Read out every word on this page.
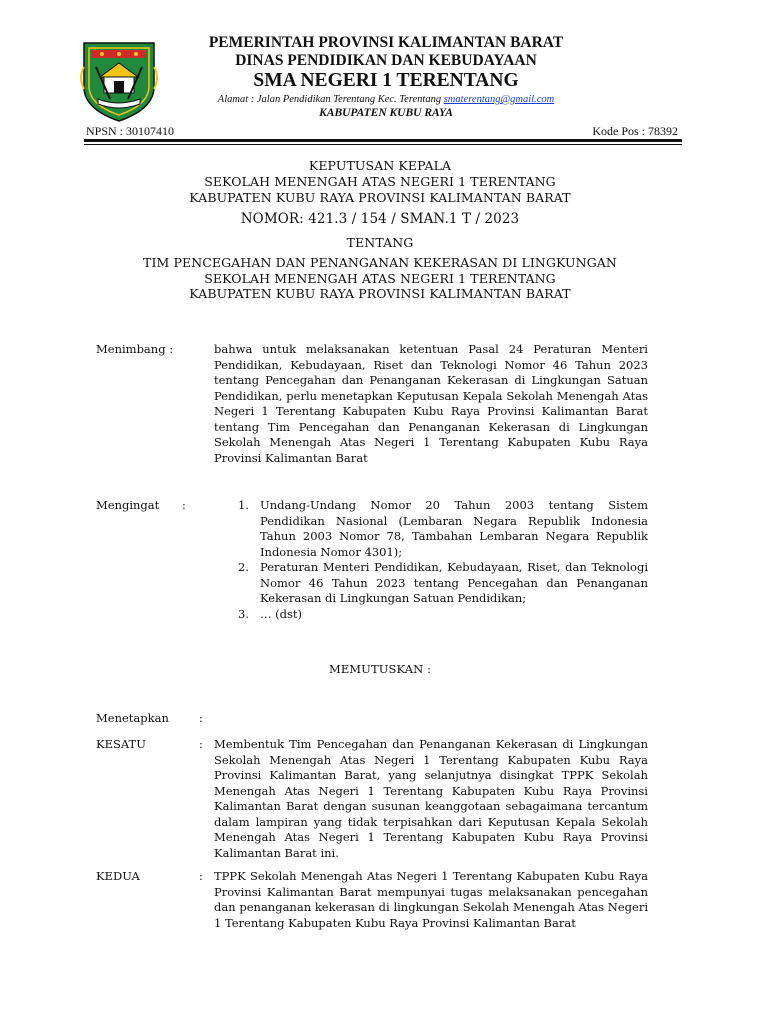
PEMERINTAH PROVINSI KALIMANTAN BARAT
DINAS PENDIDIKAN DAN KEBUDAYAAN
SMA NEGERI 1 TERENTANG
Alamat : Jalan Pendidikan Terentang Kec. Terentang smaterentang@gmail.com
KABUPATEN KUBU RAYA
NPSN : 30107410	Kode Pos : 78392
KEPUTUSAN KEPALA
SEKOLAH MENENGAH ATAS NEGERI 1 TERENTANG
KABUPATEN KUBU RAYA PROVINSI KALIMANTAN BARAT
NOMOR: 421.3 / 154 / SMAN.1 T / 2023
TENTANG
TIM PENCEGAHAN DAN PENANGANAN KEKERASAN DI LINGKUNGAN
SEKOLAH MENENGAH ATAS NEGERI 1 TERENTANG
KABUPATEN KUBU RAYA PROVINSI KALIMANTAN BARAT
Menimbang :	bahwa untuk melaksanakan ketentuan Pasal 24 Peraturan Menteri Pendidikan, Kebudayaan, Riset dan Teknologi Nomor 46 Tahun 2023 tentang Pencegahan dan Penanganan Kekerasan di Lingkungan Satuan Pendidikan, perlu menetapkan Keputusan Kepala Sekolah Menengah Atas Negeri 1 Terentang Kabupaten Kubu Raya Provinsi Kalimantan Barat tentang Tim Pencegahan dan Penanganan Kekerasan di Lingkungan Sekolah Menengah Atas Negeri 1 Terentang Kabupaten Kubu Raya Provinsi Kalimantan Barat

Mengingat :	1. Undang-Undang Nomor 20 Tahun 2003 tentang Sistem Pendidikan Nasional (Lembaran Negara Republik Indonesia Tahun 2003 Nomor 78, Tambahan Lembaran Negara Republik Indonesia Nomor 4301);

2. Peraturan Menteri Pendidikan, Kebudayaan, Riset, dan Teknologi Nomor 46 Tahun 2023 tentang Pencegahan dan Penanganan Kekerasan di Lingkungan Satuan Pendidikan;

3. … (dst)

MEMUTUSKAN :
Menetapkan	:
KESATU	: Membentuk Tim Pencegahan dan Penanganan Kekerasan di Lingkungan Sekolah Menengah Atas Negeri 1 Terentang Kabupaten Kubu Raya Provinsi Kalimantan Barat, yang selanjutnya disingkat TPPK Sekolah Menengah Atas Negeri 1 Terentang Kabupaten Kubu Raya Provinsi Kalimantan Barat dengan susunan keanggotaan sebagaimana tercantum dalam lampiran yang tidak terpisahkan dari Keputusan Kepala Sekolah Menengah Atas Negeri 1 Terentang Kabupaten Kubu Raya Provinsi Kalimantan Barat ini.

KEDUA	: TPPK Sekolah Menengah Atas Negeri 1 Terentang Kabupaten Kubu Raya Provinsi Kalimantan Barat mempunyai tugas melaksanakan pencegahan dan penanganan kekerasan di lingkungan Sekolah Menengah Atas Negeri 1 Terentang Kabupaten Kubu Raya Provinsi Kalimantan Barat
